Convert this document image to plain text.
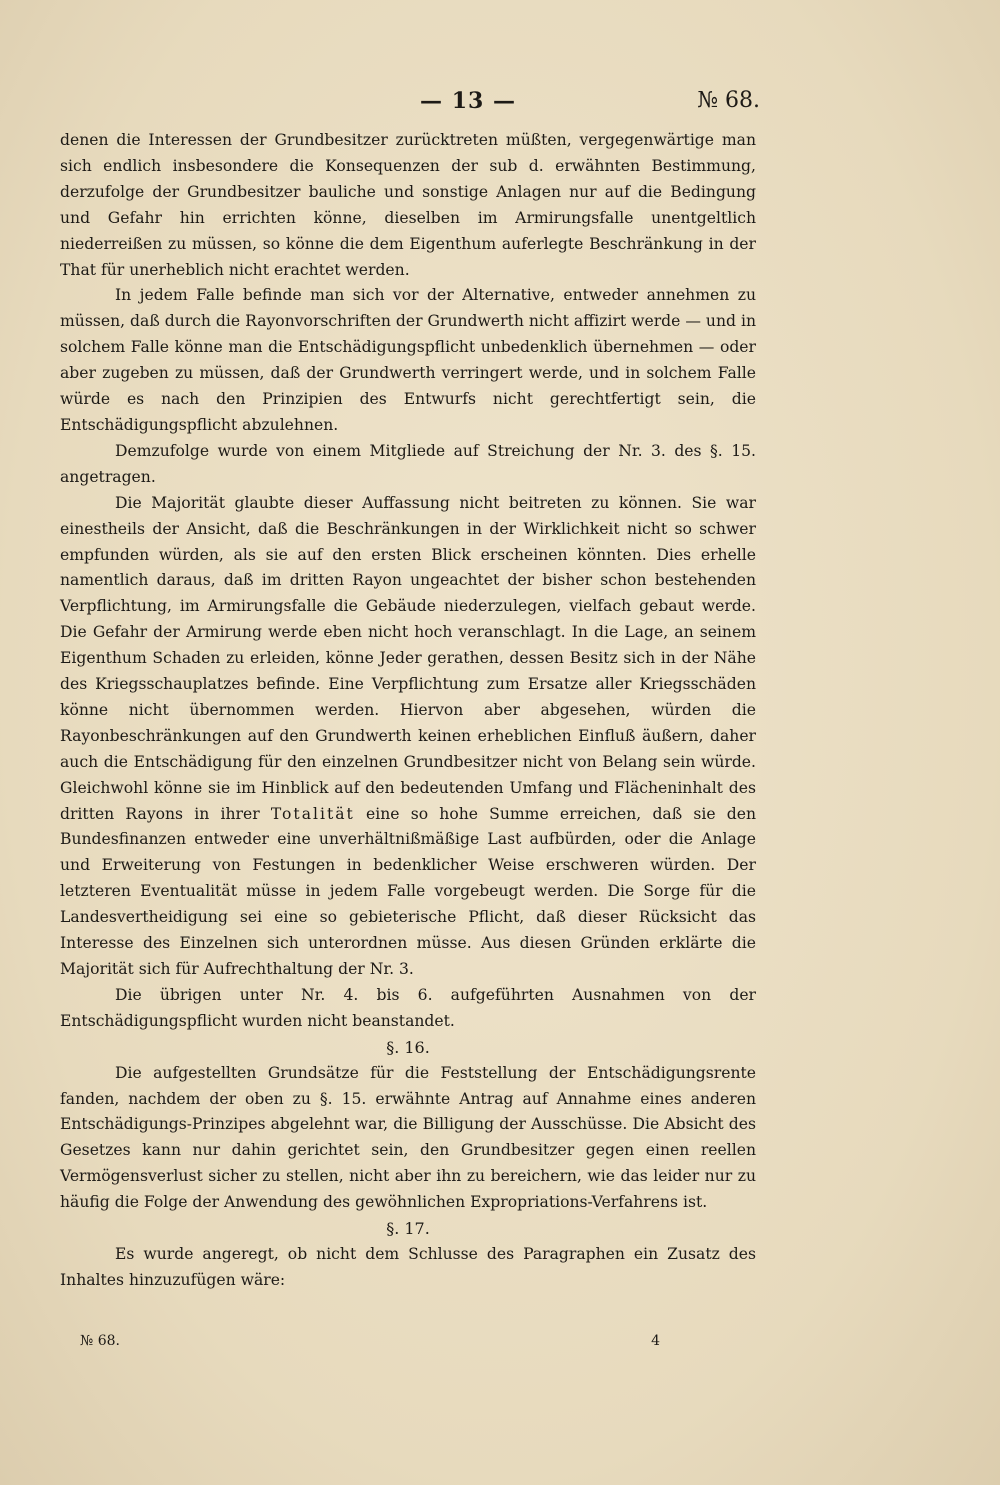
— 13 —	№ 68.

denen die Interessen der Grundbesitzer zurücktreten müßten, vergegenwärtige man sich endlich insbesondere die Konsequenzen der sub d. erwähnten Bestimmung, derzufolge der Grundbesitzer bauliche und sonstige Anlagen nur auf die Bedingung und Gefahr hin errichten könne, dieselben im Armirungsfalle unentgeltlich niederreißen zu müssen, so könne die dem Eigenthum auferlegte Beschränkung in der That für unerheblich nicht erachtet werden.

In jedem Falle befinde man sich vor der Alternative, entweder annehmen zu müssen, daß durch die Rayonvorschriften der Grundwerth nicht affizirt werde — und in solchem Falle könne man die Entschädigungspflicht unbedenklich übernehmen — oder aber zugeben zu müssen, daß der Grundwerth verringert werde, und in solchem Falle würde es nach den Prinzipien des Entwurfs nicht gerechtfertigt sein, die Entschädigungspflicht abzulehnen.

Demzufolge wurde von einem Mitgliede auf Streichung der Nr. 3. des §. 15. angetragen.

Die Majorität glaubte dieser Auffassung nicht beitreten zu können. Sie war einestheils der Ansicht, daß die Beschränkungen in der Wirklichkeit nicht so schwer empfunden würden, als sie auf den ersten Blick erscheinen könnten. Dies erhelle namentlich daraus, daß im dritten Rayon ungeachtet der bisher schon bestehenden Verpflichtung, im Armirungsfalle die Gebäude niederzulegen, vielfach gebaut werde. Die Gefahr der Armirung werde eben nicht hoch veranschlagt. In die Lage, an seinem Eigenthum Schaden zu erleiden, könne Jeder gerathen, dessen Besitz sich in der Nähe des Kriegsschauplatzes befinde. Eine Verpflichtung zum Ersatze aller Kriegsschäden könne nicht übernommen werden. Hiervon aber abgesehen, würden die Rayonbeschränkungen auf den Grundwerth keinen erheblichen Einfluß äußern, daher auch die Entschädigung für den einzelnen Grundbesitzer nicht von Belang sein würde. Gleichwohl könne sie im Hinblick auf den bedeutenden Umfang und Flächeninhalt des dritten Rayons in ihrer Totalität eine so hohe Summe erreichen, daß sie den Bundesfinanzen entweder eine unverhältnißmäßige Last aufbürden, oder die Anlage und Erweiterung von Festungen in bedenklicher Weise erschweren würden. Der letzteren Eventualität müsse in jedem Falle vorgebeugt werden. Die Sorge für die Landesvertheidigung sei eine so gebieterische Pflicht, daß dieser Rücksicht das Interesse des Einzelnen sich unterordnen müsse. Aus diesen Gründen erklärte die Majorität sich für Aufrechthaltung der Nr. 3.

Die übrigen unter Nr. 4. bis 6. aufgeführten Ausnahmen von der Entschädigungspflicht wurden nicht beanstandet.

§. 16.

Die aufgestellten Grundsätze für die Feststellung der Entschädigungsrente fanden, nachdem der oben zu §. 15. erwähnte Antrag auf Annahme eines anderen Entschädigungs-Prinzipes abgelehnt war, die Billigung der Ausschüsse. Die Absicht des Gesetzes kann nur dahin gerichtet sein, den Grundbesitzer gegen einen reellen Vermögensverlust sicher zu stellen, nicht aber ihn zu bereichern, wie das leider nur zu häufig die Folge der Anwendung des gewöhnlichen Expropriations-Verfahrens ist.

§. 17.

Es wurde angeregt, ob nicht dem Schlusse des Paragraphen ein Zusatz des Inhaltes hinzuzufügen wäre:

№ 68.	4
